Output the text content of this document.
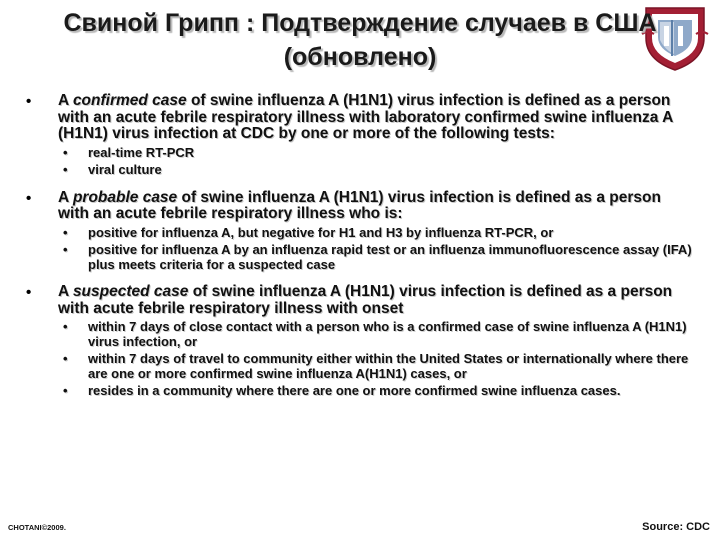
Свиной Грипп : Подтверждение случаев в США (обновлено)
• A confirmed case of swine influenza A (H1N1) virus infection is defined as a person with an acute febrile respiratory illness with laboratory confirmed swine influenza A (H1N1) virus infection at CDC by one or more of the following tests:
• real-time RT-PCR
• viral culture
• A probable case of swine influenza A (H1N1) virus infection is defined as a person with an acute febrile respiratory illness who is:
• positive for influenza A, but negative for H1 and H3 by influenza RT-PCR, or
• positive for influenza A by an influenza rapid test or an influenza immunofluorescence assay (IFA) plus meets criteria for a suspected case
• A suspected case of swine influenza A (H1N1) virus infection is defined as a person with acute febrile respiratory illness with onset
• within 7 days of close contact with a person who is a confirmed case of swine influenza A (H1N1) virus infection, or
• within 7 days of travel to community either within the United States or internationally where there are one or more confirmed swine influenza A(H1N1) cases, or
• resides in a community where there are one or more confirmed swine influenza cases.
CHOTANI©2009.	Source: CDC
